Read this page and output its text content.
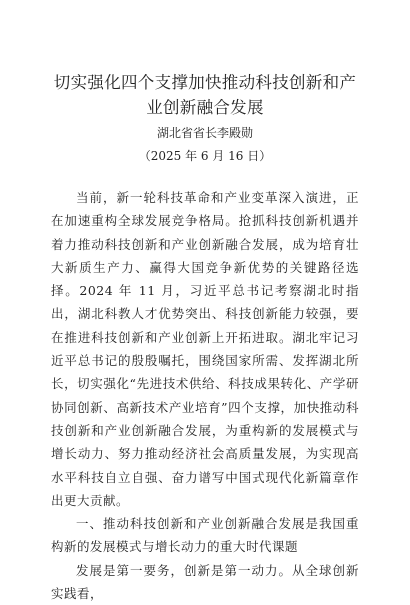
切实强化四个支撑加快推动科技创新和产业创新融合发展
湖北省省长李殿勋
（2025 年 6 月 16 日）

当前，新一轮科技革命和产业变革深入演进，正在加速重构全球发展竞争格局。抢抓科技创新机遇并着力推动科技创新和产业创新融合发展，成为培育壮大新质生产力、赢得大国竞争新优势的关键路径选择。2024 年 11 月，习近平总书记考察湖北时指出，湖北科教人才优势突出、科技创新能力较强，要在推进科技创新和产业创新上开拓进取。湖北牢记习近平总书记的殷殷嘱托，围绕国家所需、发挥湖北所长，切实强化“先进技术供给、科技成果转化、产学研协同创新、高新技术产业培育”四个支撑，加快推动科技创新和产业创新融合发展，为重构新的发展模式与增长动力、努力推动经济社会高质量发展，为实现高水平科技自立自强、奋力谱写中国式现代化新篇章作出更大贡献。

一、推动科技创新和产业创新融合发展是我国重构新的发展模式与增长动力的重大时代课题

发展是第一要务，创新是第一动力。从全球创新实践看，
